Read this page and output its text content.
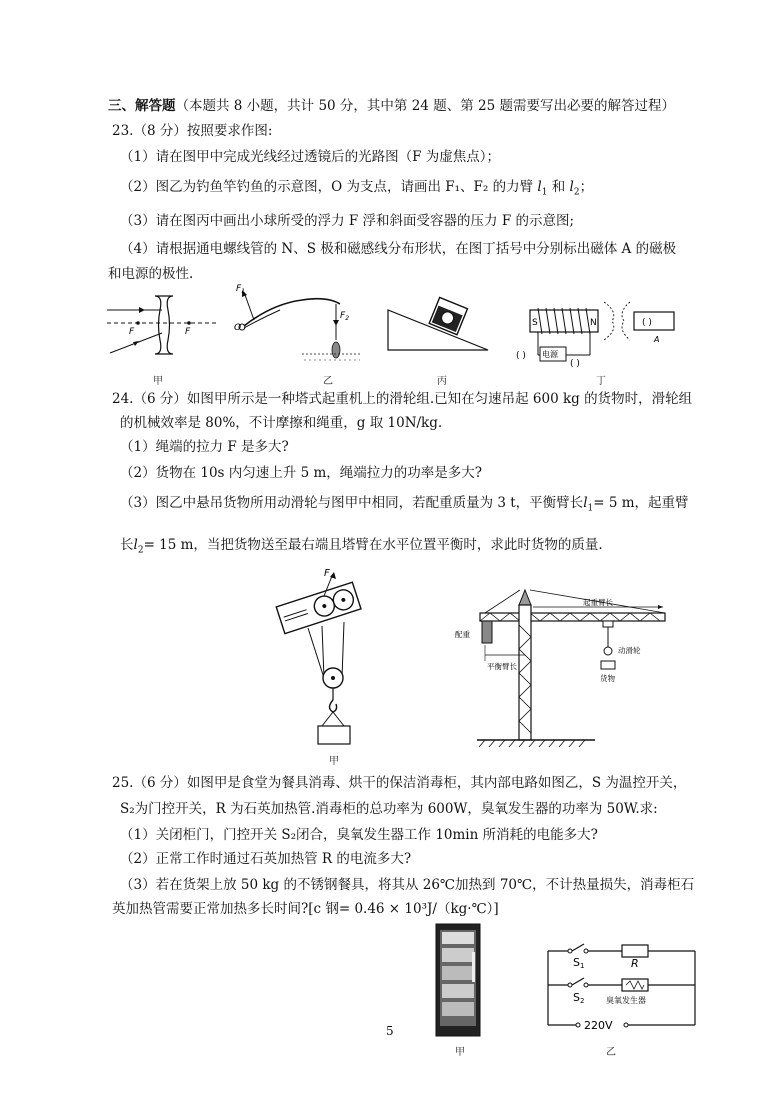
三、解答题（本题共 8 小题，共计 50 分，其中第 24 题、第 25 题需要写出必要的解答过程）
23.（8 分）按照要求作图:
（1）请在图甲中完成光线经过透镜后的光路图（F 为虚焦点）；
（2）图乙为钓鱼竿钓鱼的示意图，O 为支点，请画出 F₁、F₂ 的力臂 $l_1$ 和 $l_2$；
（3）请在图丙中画出小球所受的浮力 F 浮和斜面受容器的压力 F 的示意图;
（4）请根据通电螺线管的 N、S 极和磁感线分布形状，在图丁括号中分别标出磁体 A 的磁极
和电源的极性.
F	F
甲
$F_1$
$F_2$
O
乙	丙
S	N	( )
A
电源
( )
( )
丁
24.（6 分）如图甲所示是一种塔式起重机上的滑轮组.已知在匀速吊起 600 kg 的货物时，滑轮组
的机械效率是 80%，不计摩擦和绳重，g 取 10N/kg.
（1）绳端的拉力 F 是多大?
（2）货物在 10s 内匀速上升 5 m，绳端拉力的功率是多大?
（3）图乙中悬吊货物所用动滑轮与图甲中相同，若配重质量为 3 t，平衡臂长$l_1= 5$ m，起重臂
长$l_2= 15$ m，当把货物送至最右端且塔臂在水平位置平衡时，求此时货物的质量.
F
甲
配重
平衡臂长
起重臂长
动滑轮
货物
25.（6 分）如图甲是食堂为餐具消毒、烘干的保洁消毒柜，其内部电路如图乙，S 为温控开关，
S₂为门控开关，R 为石英加热管.消毒柜的总功率为 600W，臭氧发生器的功率为 50W.求:
（1）关闭柜门，门控开关 S₂闭合，臭氧发生器工作 10min 所消耗的电能多大?
（2）正常工作时通过石英加热管 R 的电流多大?
（3）若在货架上放 50 kg 的不锈钢餐具，将其从 26℃加热到 70℃，不计热量损失，消毒柜石
英加热管需要正常加热多长时间?[c 钢= 0.46 × 10³J/（kg·℃）]
甲
S1	R
S2	臭氧发生器
220V
乙
5
